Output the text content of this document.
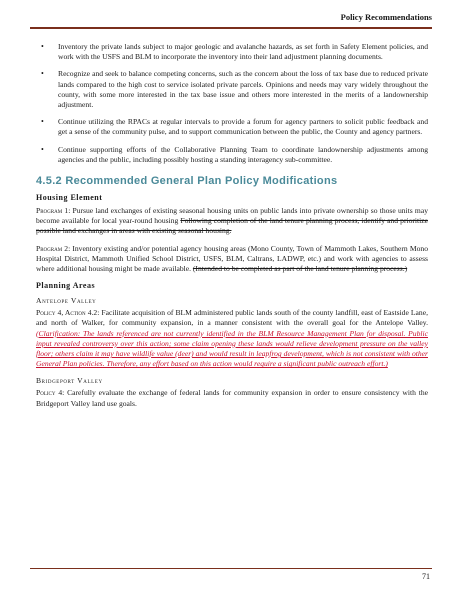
Policy Recommendations
• Inventory the private lands subject to major geologic and avalanche hazards, as set forth in Safety Element policies, and work with the USFS and BLM to incorporate the inventory into their land adjustment planning documents.
• Recognize and seek to balance competing concerns, such as the concern about the loss of tax base due to reduced private lands compared to the high cost to service isolated private parcels. Opinions and needs may vary widely throughout the county, with some more interested in the tax base issue and others more interested in the merits of a landownership adjustment.
• Continue utilizing the RPACs at regular intervals to provide a forum for agency partners to solicit public feedback and get a sense of the community pulse, and to support communication between the public, the County and agency partners.
• Continue supporting efforts of the Collaborative Planning Team to coordinate landownership adjustments among agencies and the public, including possibly hosting a standing interagency sub-committee.
4.5.2 Recommended General Plan Policy Modifications
Housing Element

Program 1: Pursue land exchanges of existing seasonal housing units on public lands into private ownership so those units may become available for local year-round housing Following completion of the land tenure planning process, identify and prioritize possible land exchanges in areas with existing seasonal housing.

Program 2: Inventory existing and/or potential agency housing areas (Mono County, Town of Mammoth Lakes, Southern Mono Hospital District, Mammoth Unified School District, USFS, BLM, Caltrans, LADWP, etc.) and work with agencies to assess where additional housing might be made available. (Intended to be completed as part of the land tenure planning process.)

Planning Areas
Antelope Valley

Policy 4, Action 4.2: Facilitate acquisition of BLM administered public lands south of the county landfill, east of Eastside Lane, and north of Walker, for community expansion, in a manner consistent with the overall goal for the Antelope Valley. (Clarification: The lands referenced are not currently identified in the BLM Resource Management Plan for disposal. Public input revealed controversy over this action; some claim opening these lands would relieve development pressure on the valley floor; others claim it may have wildlife value (deer) and would result in leapfrog development, which is not consistent with other General Plan policies. Therefore, any effort based on this action would require a significant public outreach effort.)

Bridgeport Valley

Policy 4: Carefully evaluate the exchange of federal lands for community expansion in order to ensure consistency with the Bridgeport Valley land use goals.

71
